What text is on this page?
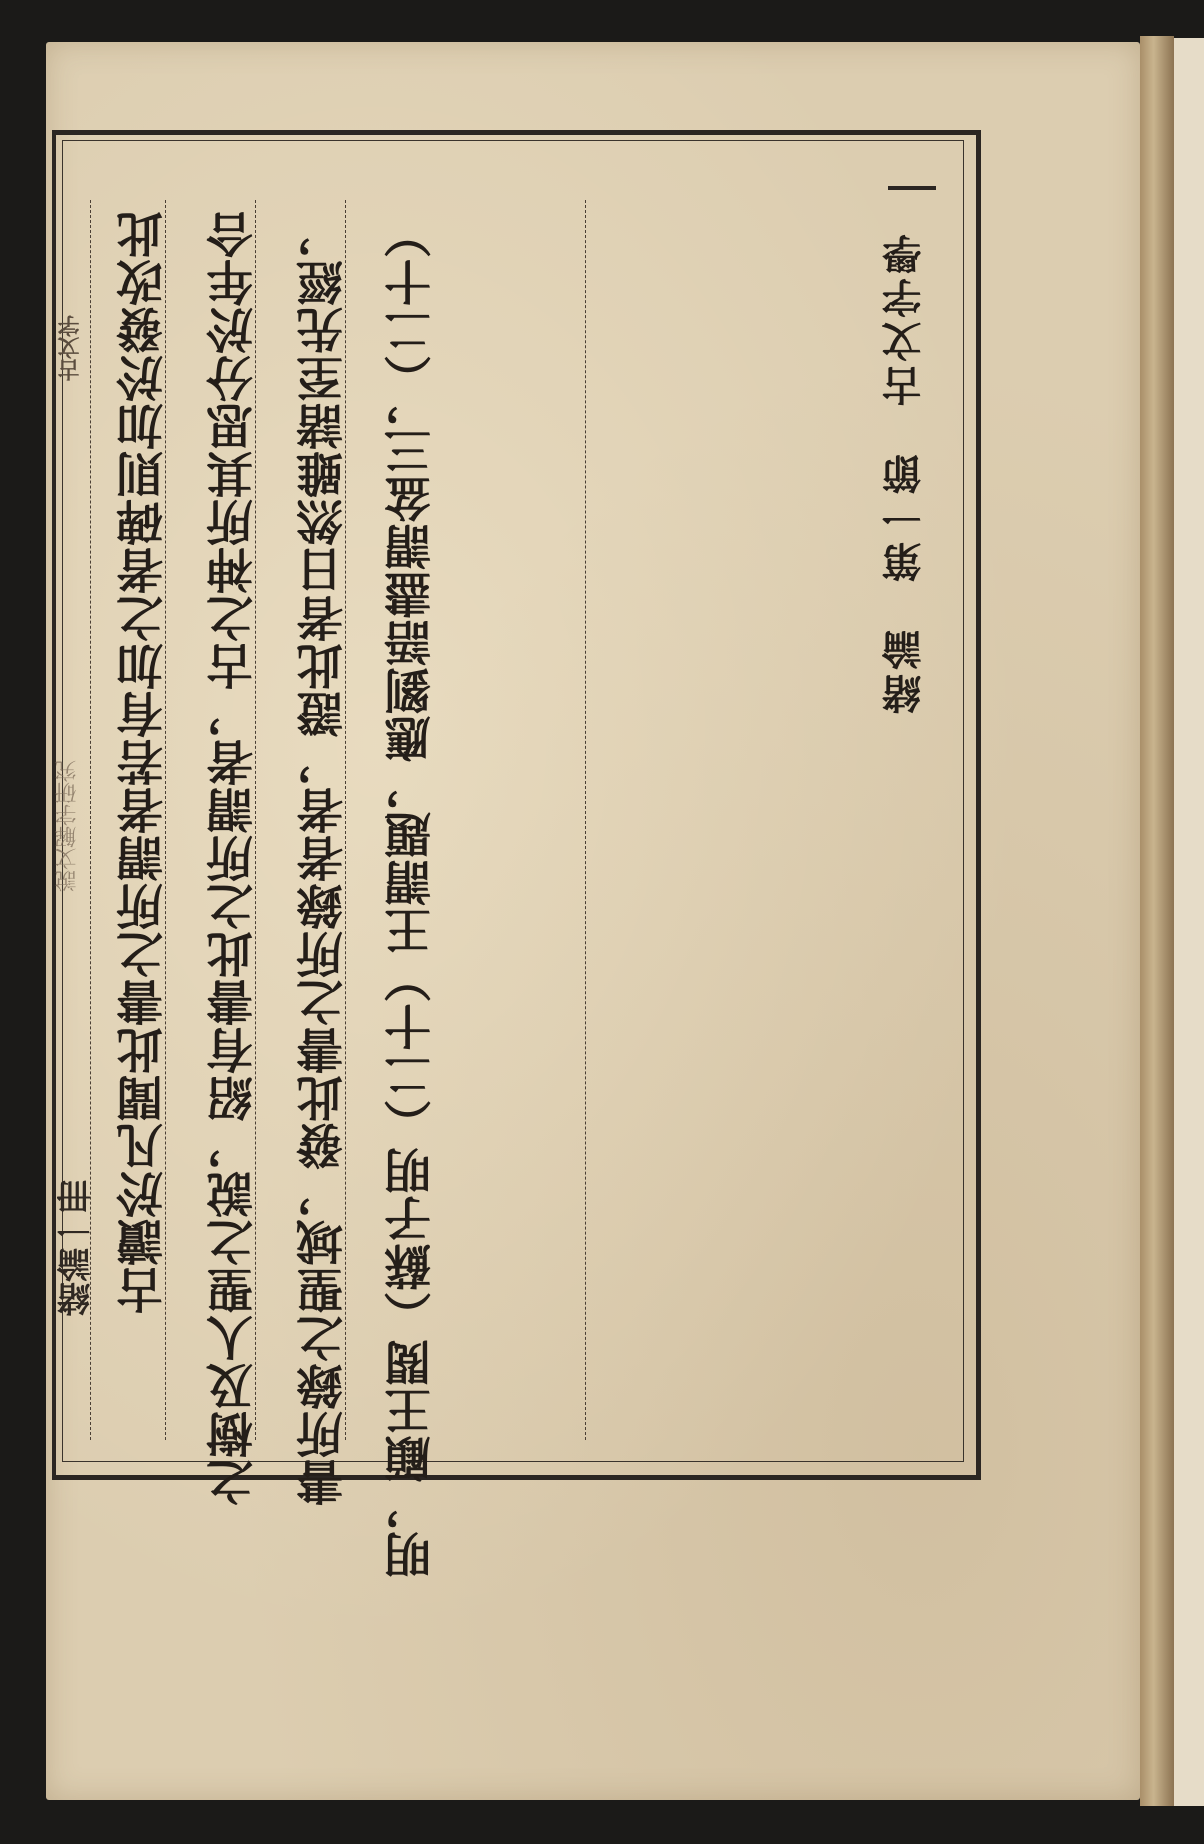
緒論　第一節　古文字學
明，顧王閱（蘇子明（二十）王謂題，應劉語盡謂盆三，（二十）
書所錄之聖域，發此書之所錄者者，證此者日然雖諸至先經，
之樹及人聖之說，紹有書此之所謂者，古之神所其思分於年合
古讀於凡聞此書之所謂者若有加之者碑則加於發改此
古文字
說文解字研究
緒論一冊
